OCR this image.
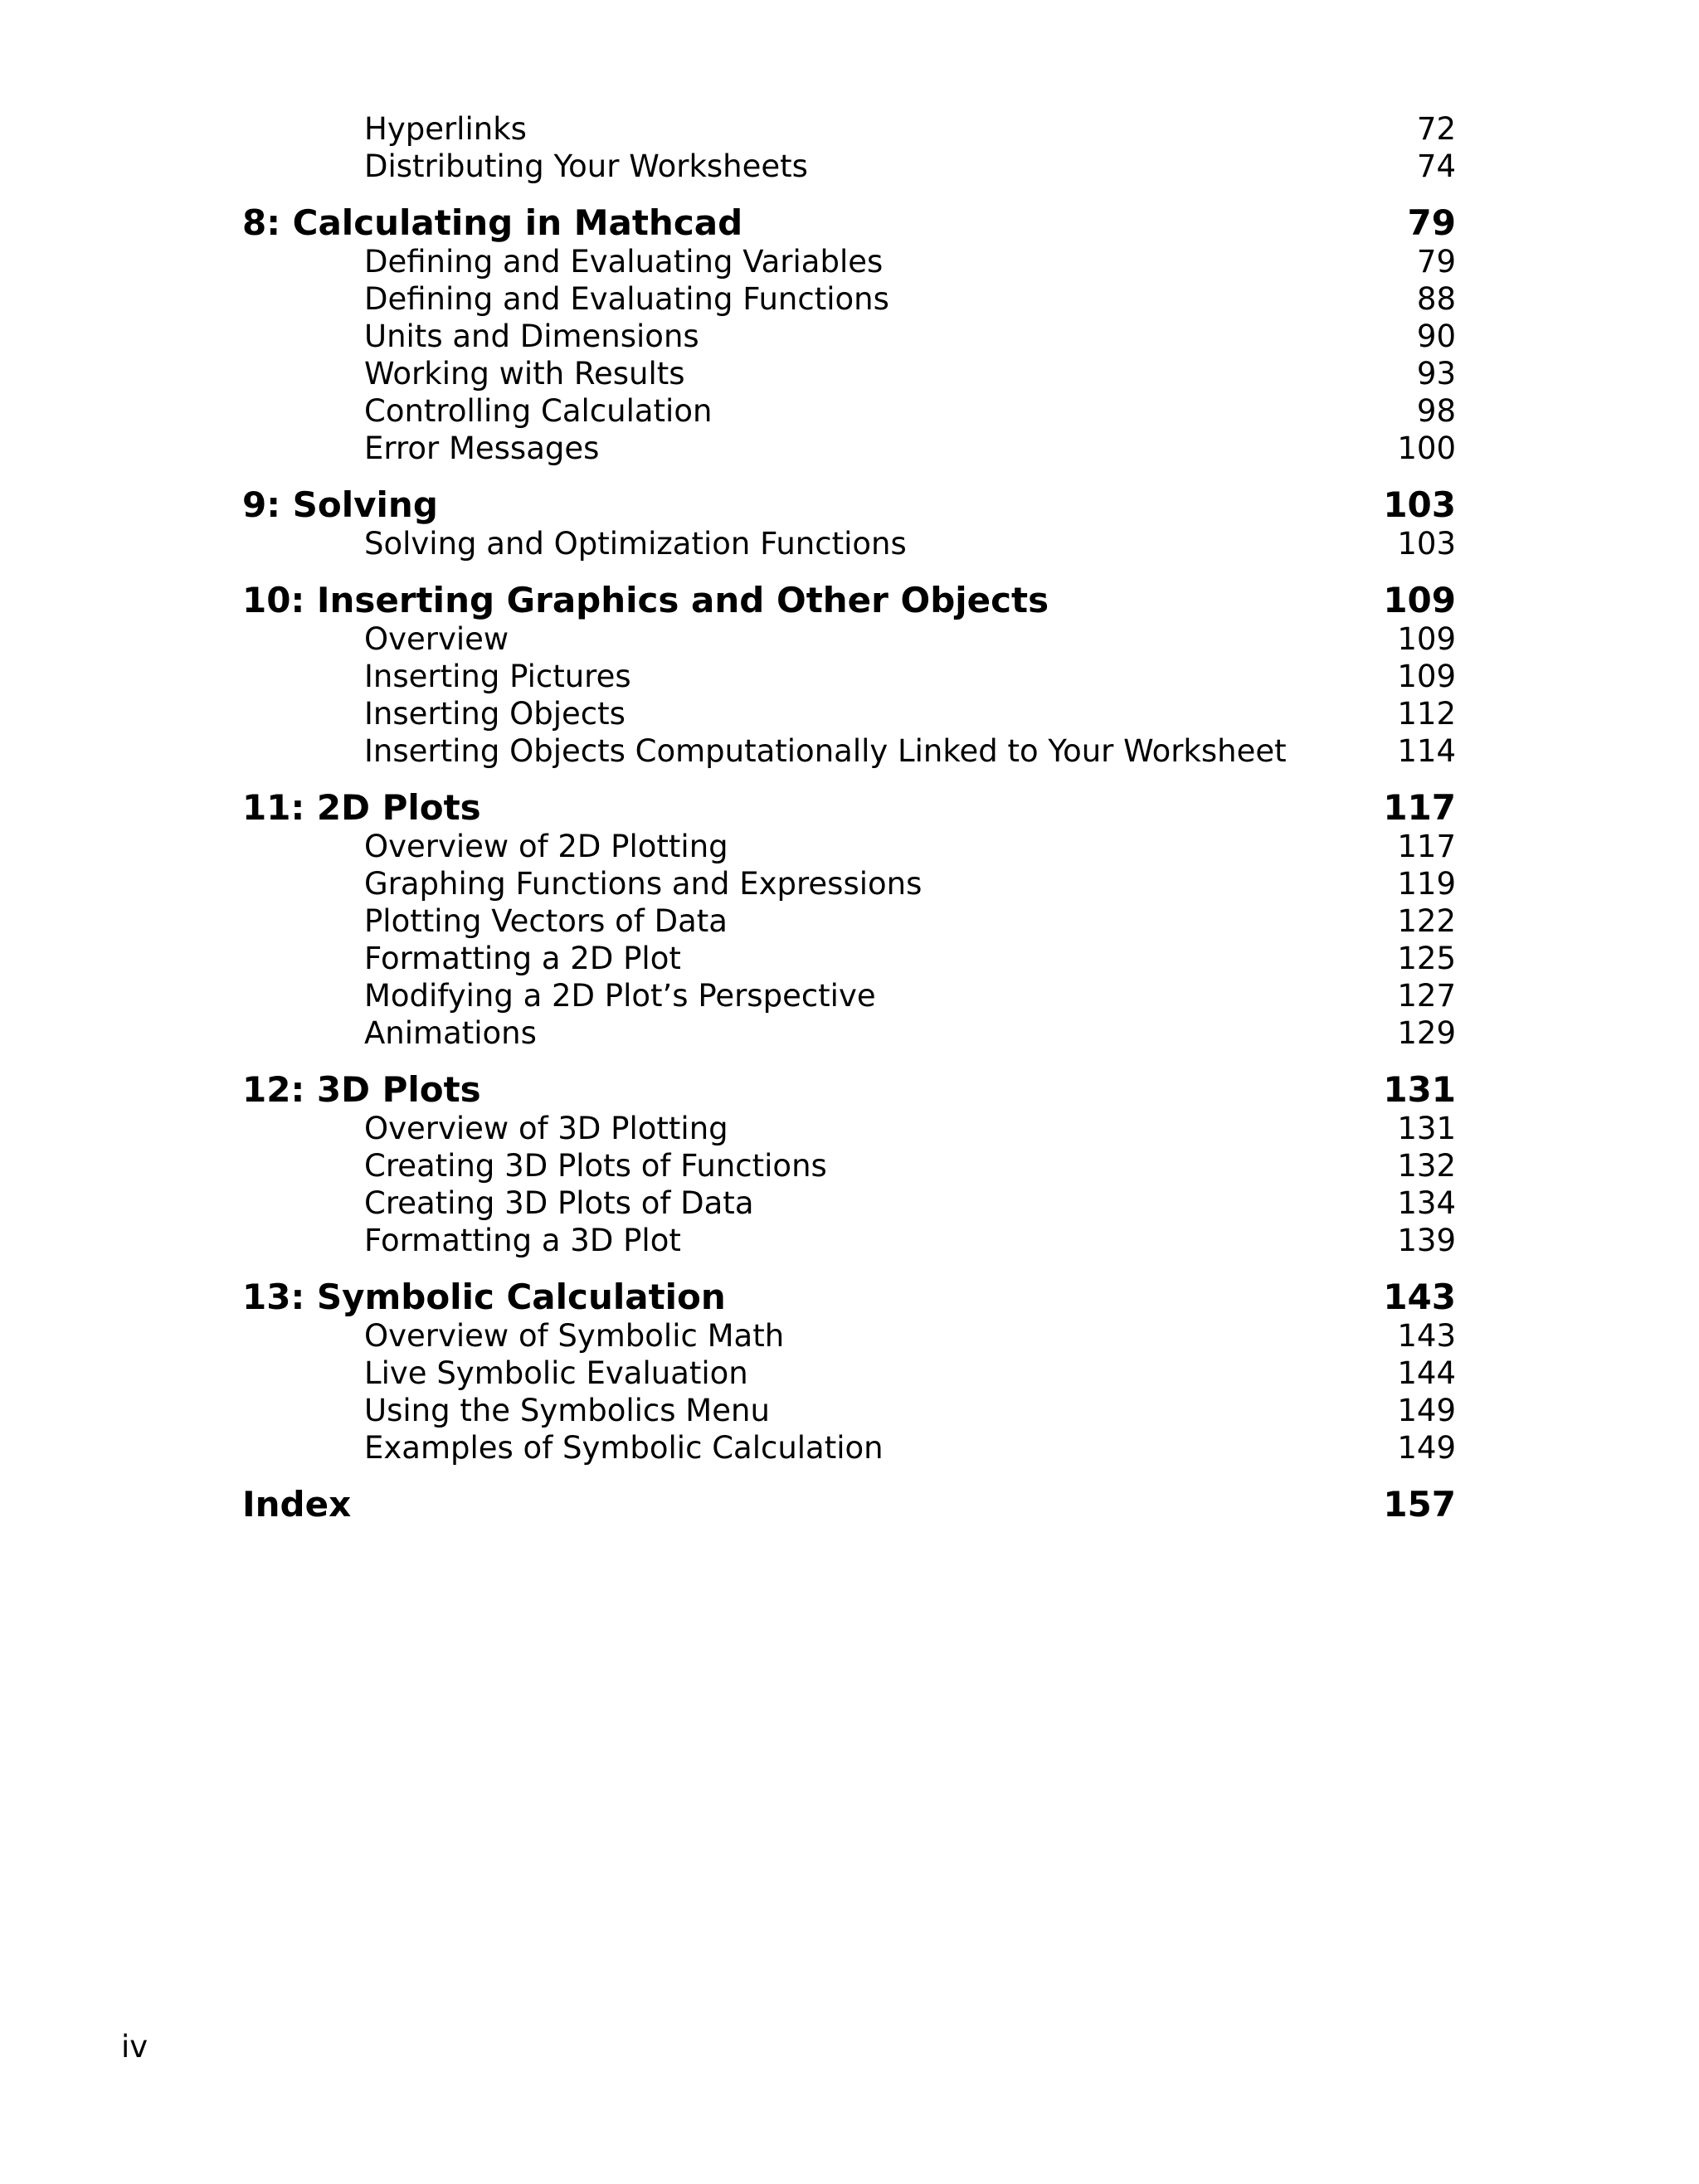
Hyperlinks	72
Distributing Your Worksheets	74
8: Calculating in Mathcad	79
Defining and Evaluating Variables	79
Defining and Evaluating Functions	88
Units and Dimensions	90
Working with Results	93
Controlling Calculation	98
Error Messages	100
9: Solving	103
Solving and Optimization Functions	103
10: Inserting Graphics and Other Objects	109
Overview	109
Inserting Pictures	109
Inserting Objects	112
Inserting Objects Computationally Linked to Your Worksheet	114
11: 2D Plots	117
Overview of 2D Plotting	117
Graphing Functions and Expressions	119
Plotting Vectors of Data	122
Formatting a 2D Plot	125
Modifying a 2D Plot’s Perspective	127
Animations	129
12: 3D Plots	131
Overview of 3D Plotting	131
Creating 3D Plots of Functions	132
Creating 3D Plots of Data	134
Formatting a 3D Plot	139
13: Symbolic Calculation	143
Overview of Symbolic Math	143
Live Symbolic Evaluation	144
Using the Symbolics Menu	149
Examples of Symbolic Calculation	149
Index	157
iv
